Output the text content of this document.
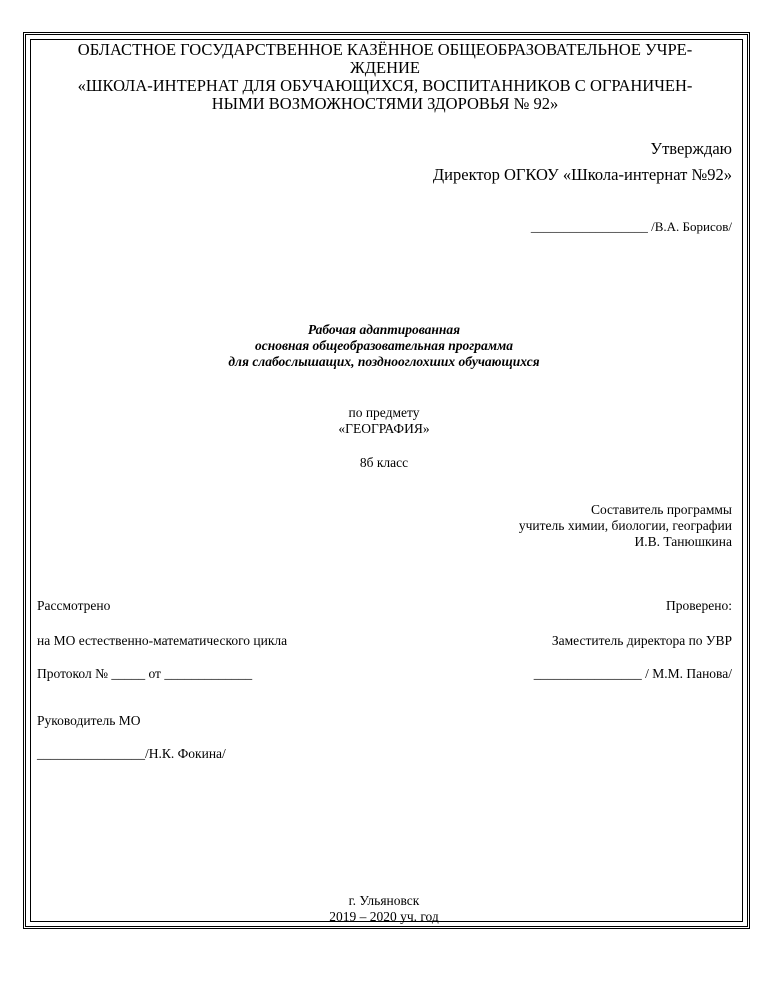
ОБЛАСТНОЕ ГОСУДАРСТВЕННОЕ КАЗЁННОЕ ОБЩЕОБРАЗОВАТЕЛЬНОЕ УЧРЕ-
ЖДЕНИЕ
«ШКОЛА-ИНТЕРНАТ ДЛЯ ОБУЧАЮЩИХСЯ, ВОСПИТАННИКОВ С ОГРАНИЧЕН-
НЫМИ ВОЗМОЖНОСТЯМИ ЗДОРОВЬЯ № 92»
Утверждаю
Директор ОГКОУ «Школа-интернат №92»
__________________ /В.А. Борисов/
Рабочая адаптированная
основная общеобразовательная программа
для слабослышащих, позднооглохших обучающихся
по предмету
«ГЕОГРАФИЯ»
8б класс
Составитель программы
учитель химии, биологии, географии
И.В. Танюшкина
Рассмотрено	Проверено:
на МО естественно-математического цикла	Заместитель директора по УВР
Протокол № _____ от _____________	________________ / М.М. Панова/
Руководитель МО
________________/Н.К. Фокина/
г. Ульяновск
2019 – 2020 уч. год
